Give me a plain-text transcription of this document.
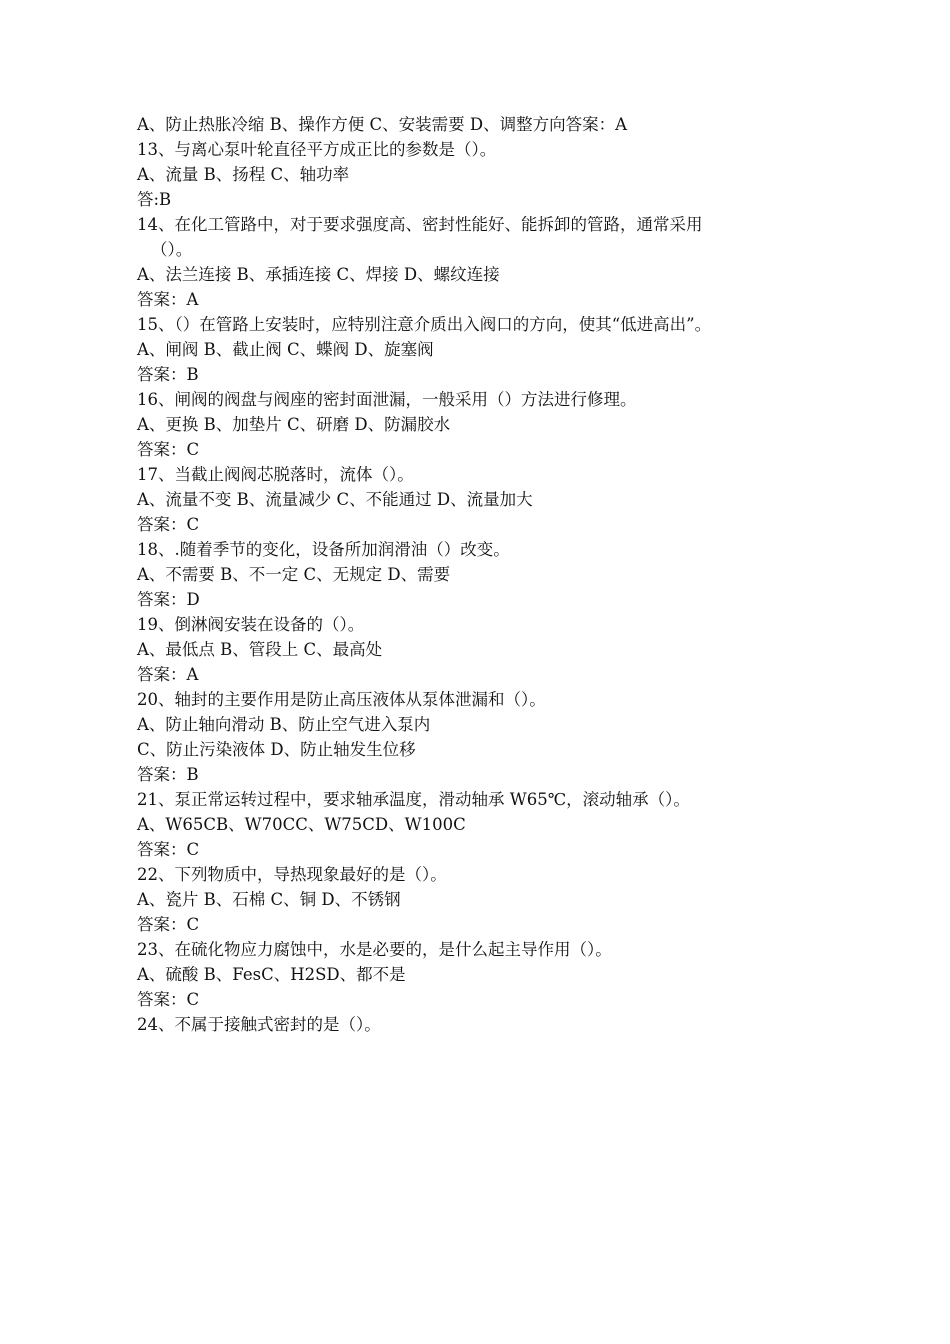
A、防止热胀冷缩 B、操作方便 C、安装需要 D、调整方向答案：A
13、与离心泵叶轮直径平方成正比的参数是（）。
A、流量 B、扬程 C、轴功率
答:B
14、在化工管路中，对于要求强度高、密封性能好、能拆卸的管路，通常采用
（）。
A、法兰连接 B、承插连接 C、焊接 D、螺纹连接
答案：A
15、（）在管路上安装时，应特别注意介质出入阀口的方向，使其“低进高出”。
A、闸阀 B、截止阀 C、蝶阀 D、旋塞阀
答案：B
16、闸阀的阀盘与阀座的密封面泄漏，一般采用（）方法进行修理。
A、更换 B、加垫片 C、研磨 D、防漏胶水
答案：C
17、当截止阀阀芯脱落时，流体（）。
A、流量不变 B、流量减少 C、不能通过 D、流量加大
答案：C
18、.随着季节的变化，设备所加润滑油（）改变。
A、不需要 B、不一定 C、无规定 D、需要
答案：D
19、倒淋阀安装在设备的（）。
A、最低点 B、管段上 C、最高处
答案：A
20、轴封的主要作用是防止高压液体从泵体泄漏和（）。
A、防止轴向滑动 B、防止空气进入泵内
C、防止污染液体 D、防止轴发生位移
答案：B
21、泵正常运转过程中，要求轴承温度，滑动轴承 W65℃，滚动轴承（）。
A、W65CB、W70CC、W75CD、W100C
答案：C
22、下列物质中，导热现象最好的是（）。
A、瓷片 B、石棉 C、铜 D、不锈钢
答案：C
23、在硫化物应力腐蚀中，水是必要的，是什么起主导作用（）。
A、硫酸 B、FesC、H2SD、都不是
答案：C
24、不属于接触式密封的是（）。
